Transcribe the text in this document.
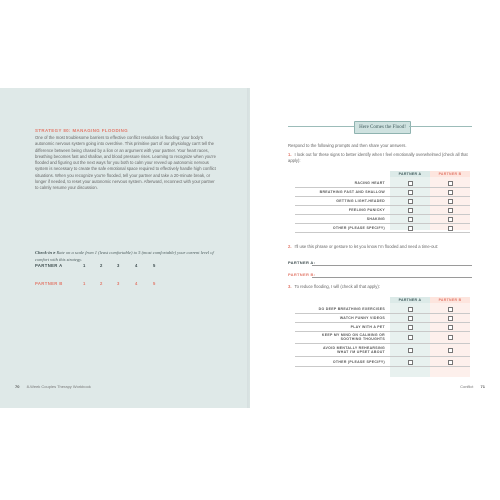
STRATEGY 80: MANAGING FLOODING
One of the most troublesome barriers to effective conflict resolution is flooding: your body's autonomic nervous system going into overdrive. This primitive part of our physiology can't tell the difference between being chased by a lion or an argument with your partner. Your heart races, breathing becomes fast and shallow, and blood pressure rises. Learning to recognize when you're flooded and figuring out the next ways for you both to calm your revved up autonomic nervous system is necessary to create the safe emotional space required to effectively handle high conflict situations. When you recognize you're flooded, tell your partner and take a 20-minute break, or longer if needed, to reset your autonomic nervous system. Afterward, reconnect with your partner to calmly resume your discussion.
Check-in ▸ Rate on a scale from 1 (least comfortable) to 5 (most comfortable) your current level of comfort with this strategy.
PARTNER A	1	2	3	4	5
PARTNER B	1	2	3	4	5
70 8-Week Couples Therapy Workbook
Here Comes the Flood!
Respond to the following prompts and then share your answers.
1. I look out for these signs to better identify when I feel emotionally overwhelmed (check all that apply):
PARTNER A	PARTNER B
RACING HEART
BREATHING FAST AND SHALLOW
GETTING LIGHT-HEADED
FEELING PANICKY
SHAKING
OTHER (PLEASE SPECIFY)
2. I'll use this phrase or gesture to let you know I'm flooded and need a time-out:
PARTNER A:
PARTNER B:
3. To reduce flooding, I will (check all that apply):
PARTNER A	PARTNER B
DO DEEP BREATHING EXERCISES
WATCH FUNNY VIDEOS
PLAY WITH A PET
KEEP MY MIND ON CALMING OR SOOTHING THOUGHTS
AVOID MENTALLY REHEARSING WHAT I'M UPSET ABOUT
OTHER (PLEASE SPECIFY)
Conflict 71
